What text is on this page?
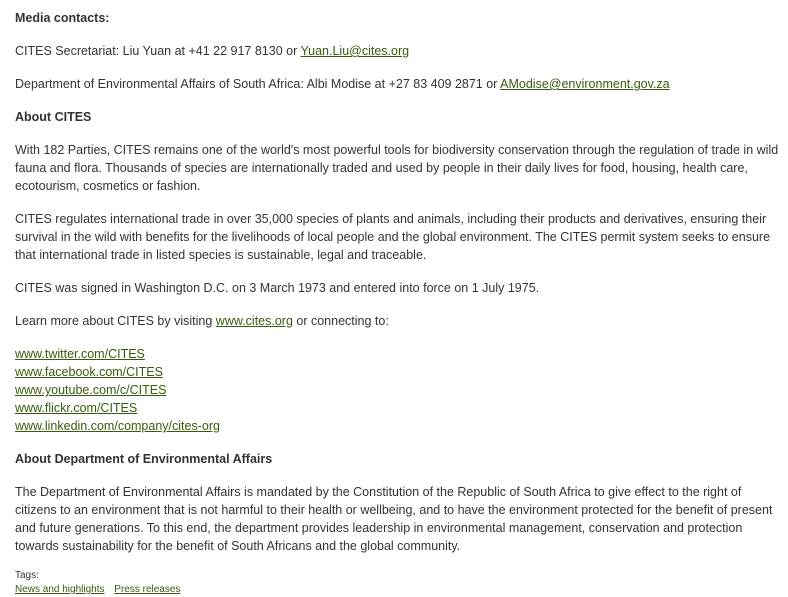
Media contacts:

CITES Secretariat: Liu Yuan at +41 22 917 8130 or Yuan.Liu@cites.org

Department of Environmental Affairs of South Africa: Albi Modise at +27 83 409 2871 or AModise@environment.gov.za

About CITES

With 182 Parties, CITES remains one of the world's most powerful tools for biodiversity conservation through the regulation of trade in wild fauna and flora. Thousands of species are internationally traded and used by people in their daily lives for food, housing, health care, ecotourism, cosmetics or fashion.

CITES regulates international trade in over 35,000 species of plants and animals, including their products and derivatives, ensuring their survival in the wild with benefits for the livelihoods of local people and the global environment. The CITES permit system seeks to ensure that international trade in listed species is sustainable, legal and traceable.

CITES was signed in Washington D.C. on 3 March 1973 and entered into force on 1 July 1975.

Learn more about CITES by visiting www.cites.org or connecting to:

www.twitter.com/CITES
www.facebook.com/CITES
www.youtube.com/c/CITES
www.flickr.com/CITES
www.linkedin.com/company/cites-org
About Department of Environmental Affairs

The Department of Environmental Affairs is mandated by the Constitution of the Republic of South Africa to give effect to the right of citizens to an environment that is not harmful to their health or wellbeing, and to have the environment protected for the benefit of present and future generations. To this end, the department provides leadership in environmental management, conservation and protection towards sustainability for the benefit of South Africans and the global community.

Tags:
News and highlights Press releases
